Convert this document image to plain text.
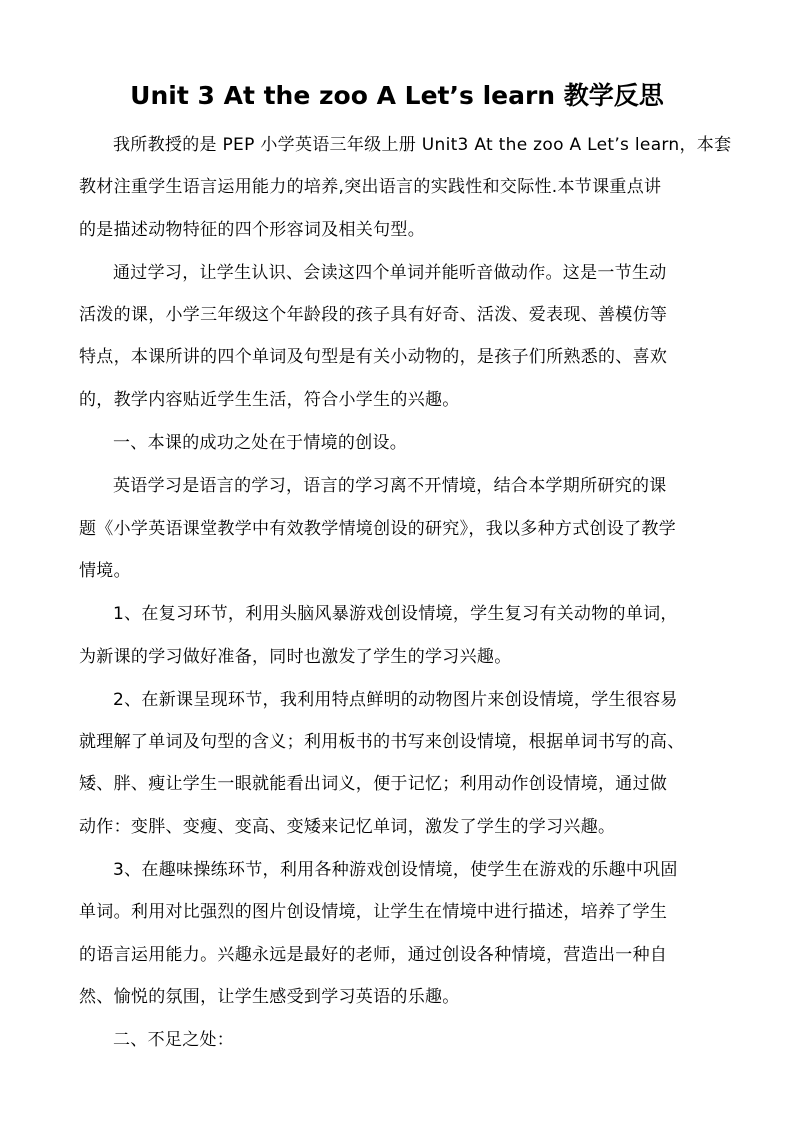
Unit 3 At the zoo A Let’s learn 教学反思

我所教授的是 PEP 小学英语三年级上册 Unit3 At the zoo A Let’s learn，本套
教材注重学生语言运用能力的培养,突出语言的实践性和交际性.本节课重点讲
的是描述动物特征的四个形容词及相关句型。

通过学习，让学生认识、会读这四个单词并能听音做动作。这是一节生动
活泼的课，小学三年级这个年龄段的孩子具有好奇、活泼、爱表现、善模仿等
特点，本课所讲的四个单词及句型是有关小动物的，是孩子们所熟悉的、喜欢
的，教学内容贴近学生生活，符合小学生的兴趣。

一、本课的成功之处在于情境的创设。

英语学习是语言的学习，语言的学习离不开情境，结合本学期所研究的课
题《小学英语课堂教学中有效教学情境创设的研究》，我以多种方式创设了教学
情境。

1、在复习环节，利用头脑风暴游戏创设情境，学生复习有关动物的单词，
为新课的学习做好准备，同时也激发了学生的学习兴趣。

2、在新课呈现环节，我利用特点鲜明的动物图片来创设情境，学生很容易
就理解了单词及句型的含义；利用板书的书写来创设情境，根据单词书写的高、
矮、胖、瘦让学生一眼就能看出词义，便于记忆；利用动作创设情境，通过做
动作：变胖、变瘦、变高、变矮来记忆单词，激发了学生的学习兴趣。

3、在趣味操练环节，利用各种游戏创设情境，使学生在游戏的乐趣中巩固
单词。利用对比强烈的图片创设情境，让学生在情境中进行描述，培养了学生
的语言运用能力。兴趣永远是最好的老师，通过创设各种情境，营造出一种自
然、愉悦的氛围，让学生感受到学习英语的乐趣。

二、不足之处：
